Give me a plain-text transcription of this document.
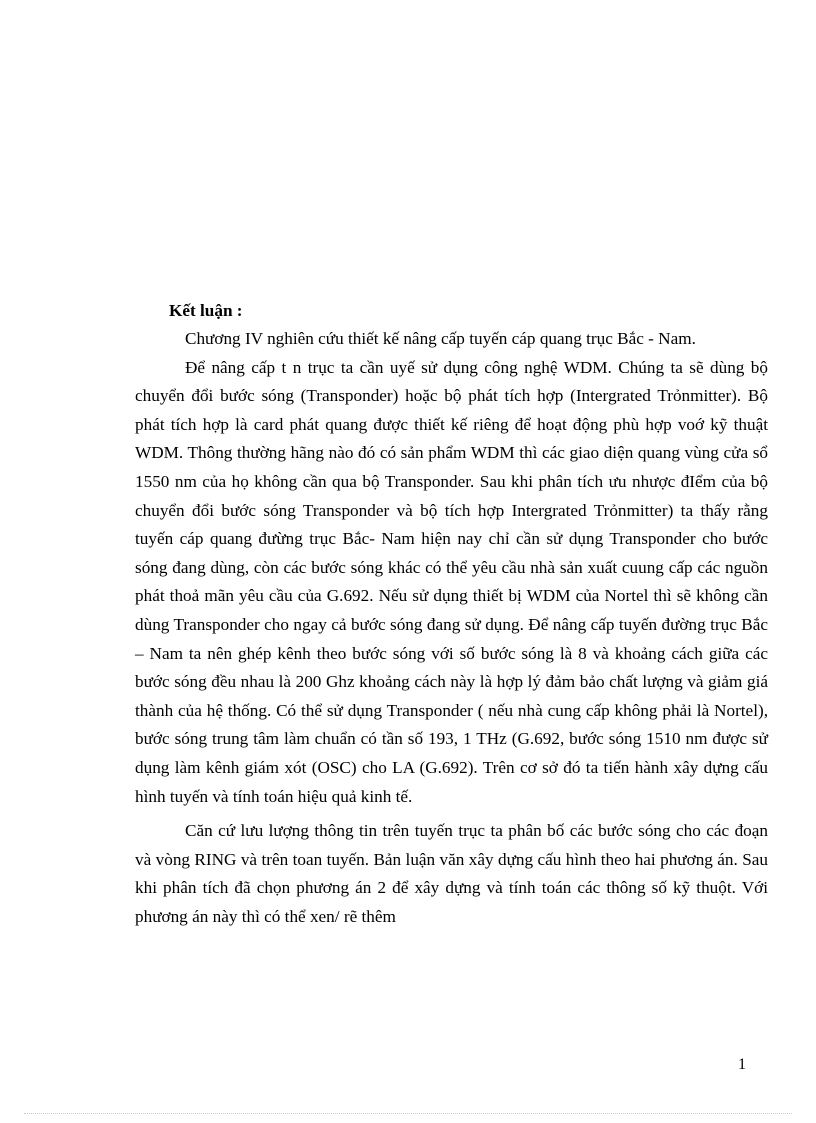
Kết luận :

Chương IV nghiên cứu thiết kế nâng cấp tuyến cáp quang trục Bắc - Nam.

Để nâng cấp t n trục ta cần uyế sử dụng công nghệ WDM. Chúng ta sẽ dùng bộ chuyển đổi bước sóng (Transponder) hoặc bộ phát tích hợp (Intergrated Trỏnmitter). Bộ phát tích hợp là card phát quang được thiết kế riêng để hoạt động phù hợp voớ kỹ thuật WDM. Thông thường hãng nào đó có sản phẩm WDM thì các giao diện quang vùng cửa sổ 1550 nm của họ không cần qua bộ Transponder. Sau khi phân tích ưu nhược đIểm của bộ chuyển đổi bước sóng Transponder và bộ tích hợp Intergrated Trỏnmitter) ta thấy rằng tuyến cáp quang đưừng trục Bắc- Nam hiện nay chỉ cần sử dụng Transponder cho bước sóng đang dùng, còn các bước sóng khác có thể yêu cầu nhà sản xuất cuung cấp các nguồn phát thoả mãn yêu cầu của G.692. Nếu sử dụng thiết bị WDM của Nortel thì sẽ không cần dùng Transponder cho ngay cả bước sóng đang sử dụng. Để nâng cấp tuyến đường trục Bắc – Nam ta nên ghép kênh theo bước sóng với số bước sóng là 8 và khoảng cách giữa các bước sóng đều nhau là 200 Ghz khoảng cách này là hợp lý đảm bảo chất lượng và giảm giá thành của hệ thống. Có thể sử dụng Transponder ( nếu nhà cung cấp không phải là Nortel), bước sóng trung tâm làm chuẩn có tần số 193, 1 THz (G.692, bước sóng 1510 nm được sử dụng làm kênh giám xót (OSC) cho LA (G.692). Trên cơ sở đó ta tiến hành xây dựng cấu hình tuyến và tính toán hiệu quả kinh tế.

Căn cứ lưu lượng thông tin trên tuyến trục ta phân bố các bước sóng cho các đoạn và vòng RING và trên toan tuyến. Bản luận văn xây dựng cấu hình theo hai phương án. Sau khi phân tích đã chọn phương án 2 để xây dựng và tính toán các thông số kỹ thuột. Với phương án này thì có thể xen/ rẽ thêm

1
